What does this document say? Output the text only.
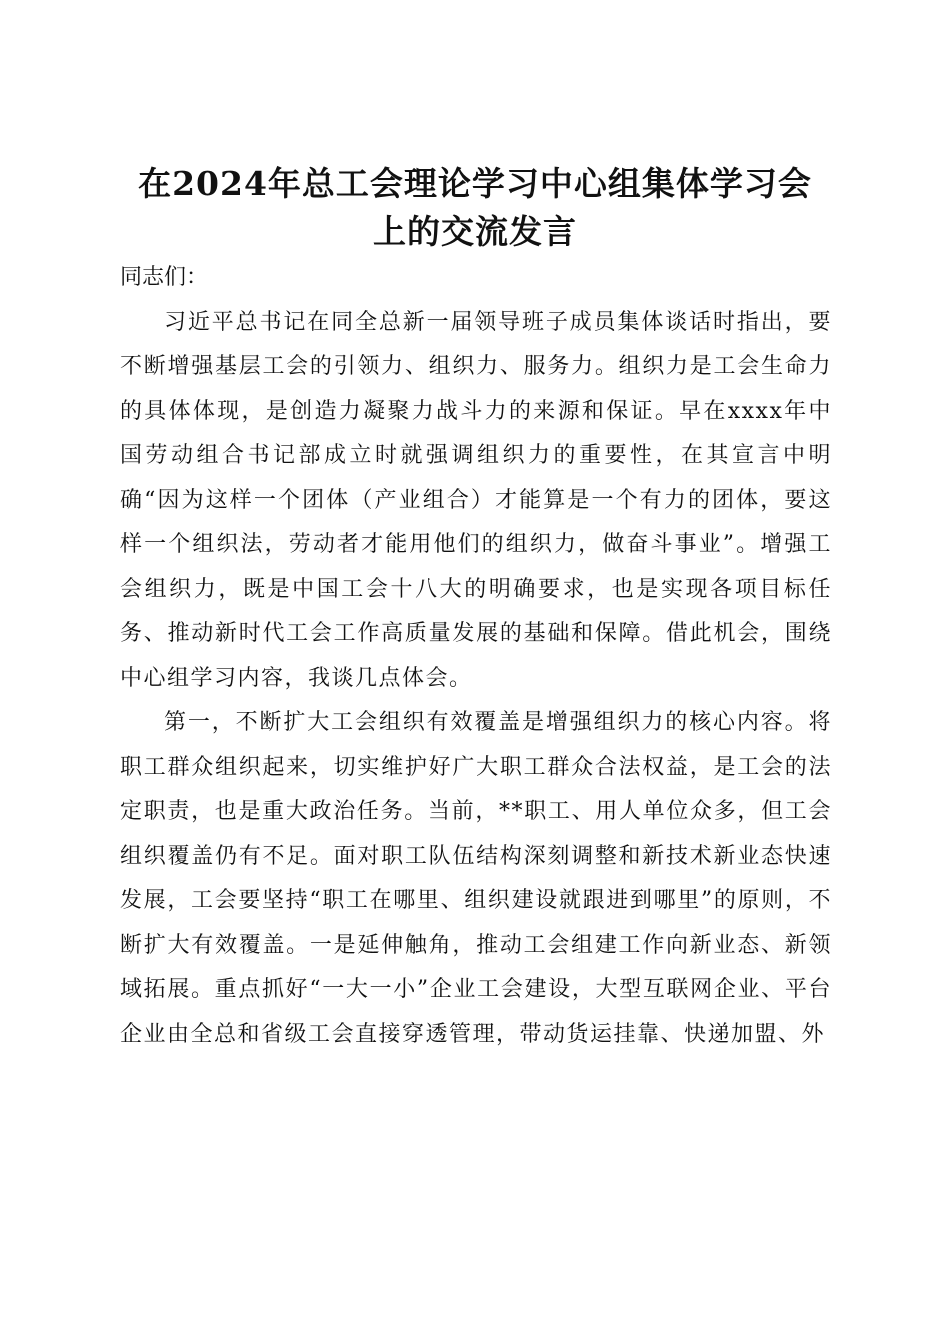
在2024年总工会理论学习中心组集体学习会
上的交流发言

同志们：

习近平总书记在同全总新一届领导班子成员集体谈话时指出，要不断增强基层工会的引领力、组织力、服务力。组织力是工会生命力的具体体现，是创造力凝聚力战斗力的来源和保证。早在xxxx年中国劳动组合书记部成立时就强调组织力的重要性，在其宣言中明确“因为这样一个团体（产业组合）才能算是一个有力的团体，要这样一个组织法，劳动者才能用他们的组织力，做奋斗事业”。增强工会组织力，既是中国工会十八大的明确要求，也是实现各项目标任务、推动新时代工会工作高质量发展的基础和保障。借此机会，围绕中心组学习内容，我谈几点体会。

第一，不断扩大工会组织有效覆盖是增强组织力的核心内容。将职工群众组织起来，切实维护好广大职工群众合法权益，是工会的法定职责，也是重大政治任务。当前，**职工、用人单位众多，但工会组织覆盖仍有不足。面对职工队伍结构深刻调整和新技术新业态快速发展，工会要坚持“职工在哪里、组织建设就跟进到哪里”的原则，不断扩大有效覆盖。一是延伸触角，推动工会组建工作向新业态、新领域拓展。重点抓好“一大一小”企业工会建设，大型互联网企业、平台企业由全总和省级工会直接穿透管理，带动货运挂靠、快递加盟、外
